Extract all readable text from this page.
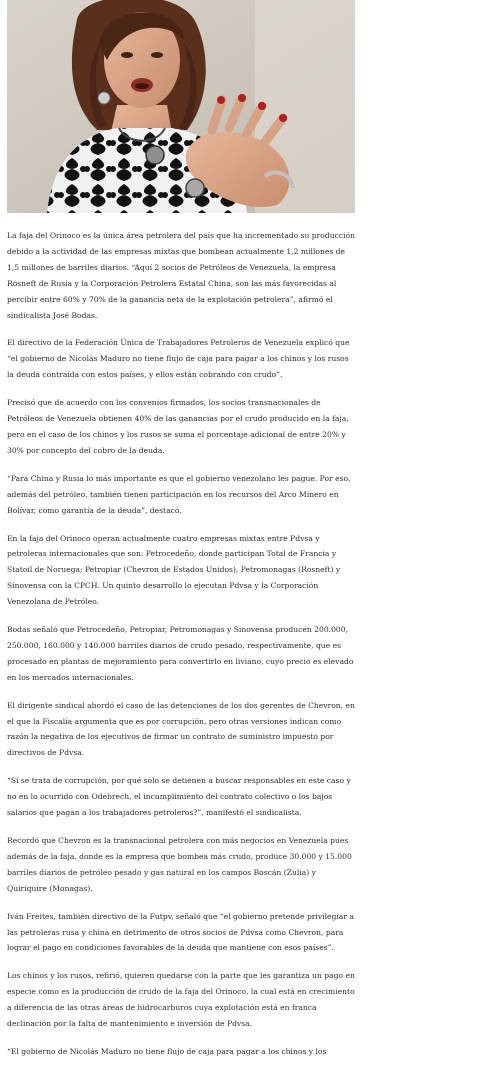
La faja del Orinoco es la única área petrolera del país que ha incrementado su producción debido a la actividad de las empresas mixtas que bombean actualmente 1,2 millones de 1,5 millones de barriles diarios. “Aquí 2 socios de Petróleos de Venezuela, la empresa Rosneft de Rusia y la Corporación Petrolera Estatal China, son las más favorecidas al percibir entre 60% y 70% de la ganancia neta de la explotación petrolera”, afirmó el sindicalista José Bodas.

El directivo de la Federación Única de Trabajadores Petroleros de Venezuela explicó que “el gobierno de Nicolás Maduro no tiene flujo de caja para pagar a los chinos y los rusos la deuda contraída con estos países, y ellos están cobrando con crudo”.

Precisó que de acuerdo con los convenios firmados, los socios transnacionales de Petróleos de Venezuela obtienen 40% de las ganancias por el crudo producido en la faja, pero en el caso de los chinos y los rusos se suma el porcentaje adicional de entre 20% y 30% por concepto del cobro de la deuda.

“Para China y Rusia lo más importante es que el gobierno venezolano les pague. Por eso, además del petróleo, también tienen participación en los recursos del Arco Minero en Bolívar, como garantía de la deuda”, destacó.

En la faja del Orinoco operan actualmente cuatro empresas mixtas entre Pdvsa y petroleras internacionales que son: Petrocedeño, donde participan Total de Francia y Statoil de Noruega; Petropiar (Chevron de Estados Unidos), Petromonagas (Rosneft) y Sinovensa con la CPCH. Un quinto desarrollo lo ejecutan Pdvsa y la Corporación Venezolana de Petróleo.

Bodas señaló que Petrocedeño, Petropiar, Petromonagas y Sinovensa producen 200.000, 250.000, 160.000 y 140.000 barriles diarios de crudo pesado, respectivamente, que es procesado en plantas de mejoramiento para convertirlo en liviano, cuyo precio es elevado en los mercados internacionales.

El dirigente sindical abordó el caso de las detenciones de los dos gerentes de Chevron, en el que la Fiscalía argumenta que es por corrupción, pero otras versiones indican como razón la negativa de los ejecutivos de firmar un contrato de suministro impuesto por directivos de Pdvsa.

“Si se trata de corrupción, por qué solo se detienen a buscar responsables en este caso y no en lo ocurrido con Odebrech, el incumplimiento del contrato colectivo o los bajos salarios que pagan a los trabajadores petroleros?”, manifestó el sindicalista.

Recordó que Chevron es la transnacional petrolera con más negocios en Venezuela pues además de la faja, donde es la empresa que bombea más crudo, produce 30.000 y 15.000 barriles diarios de petróleo pesado y gas natural en los campos Boscán (Zulia) y Quiriquire (Monagas).

Iván Freites, también directivo de la Futpv, señaló que “el gobierno pretende privilegiar a las petroleras rusa y china en detrimento de otros socios de Pdvsa como Chevron, para lograr el pago en condiciones favorables de la deuda que mantiene con esos países”.

Los chinos y los rusos, refirió, quieren quedarse con la parte que les garantiza un pago en especie como es la producción de crudo de la faja del Orinoco, la cual está en crecimiento a diferencia de las otras áreas de hidrocarburos cuya explotación está en franca declinación por la falta de mantenimiento e inversión de Pdvsa.

“El gobierno de Nicolás Maduro no tiene flujo de caja para pagar a los chinos y los
